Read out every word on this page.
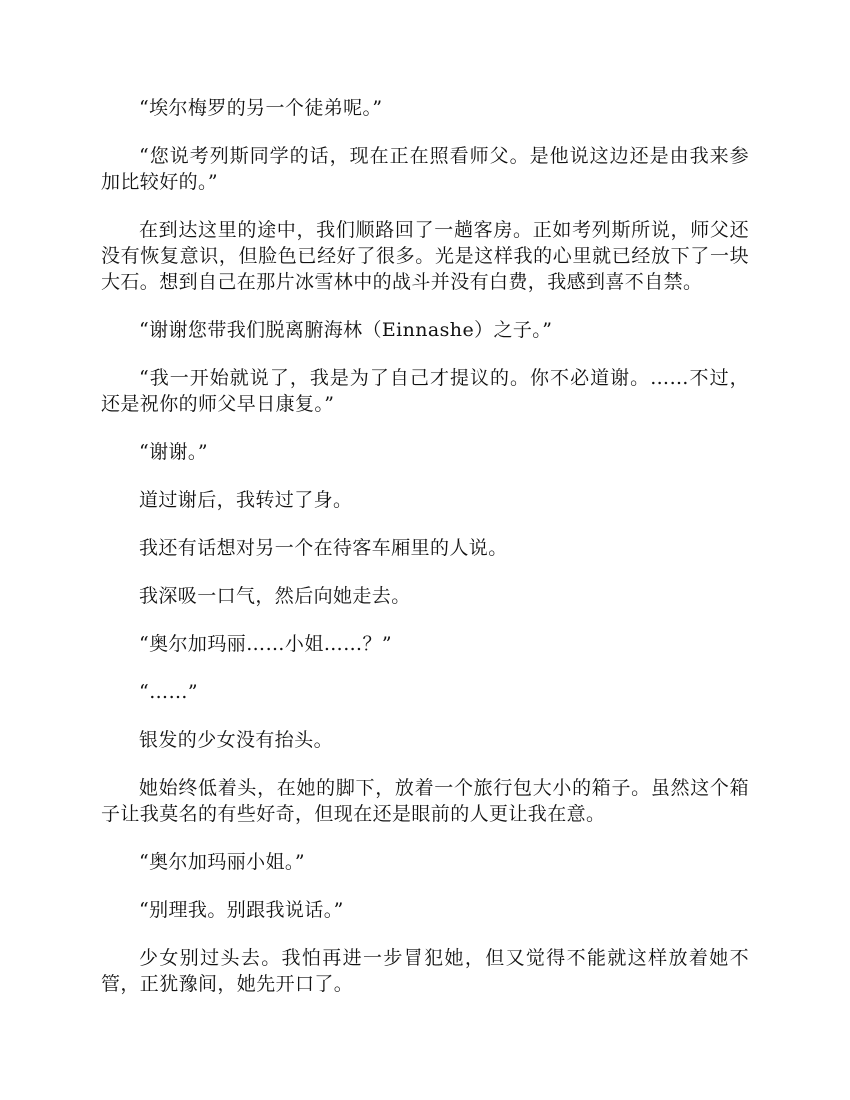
“埃尔梅罗的另一个徒弟呢。”

“您说考列斯同学的话，现在正在照看师父。是他说这边还是由我来参加比较好的。”

在到达这里的途中，我们顺路回了一趟客房。正如考列斯所说，师父还没有恢复意识，但脸色已经好了很多。光是这样我的心里就已经放下了一块大石。想到自己在那片冰雪林中的战斗并没有白费，我感到喜不自禁。

“谢谢您带我们脱离腑海林（Einnashe）之子。”

“我一开始就说了，我是为了自己才提议的。你不必道谢。……不过，还是祝你的师父早日康复。”

“谢谢。”

道过谢后，我转过了身。

我还有话想对另一个在待客车厢里的人说。

我深吸一口气，然后向她走去。

“奥尔加玛丽……小姐……？”

“……”

银发的少女没有抬头。

她始终低着头，在她的脚下，放着一个旅行包大小的箱子。虽然这个箱子让我莫名的有些好奇，但现在还是眼前的人更让我在意。

“奥尔加玛丽小姐。”

“别理我。别跟我说话。”

少女别过头去。我怕再进一步冒犯她，但又觉得不能就这样放着她不管，正犹豫间，她先开口了。
